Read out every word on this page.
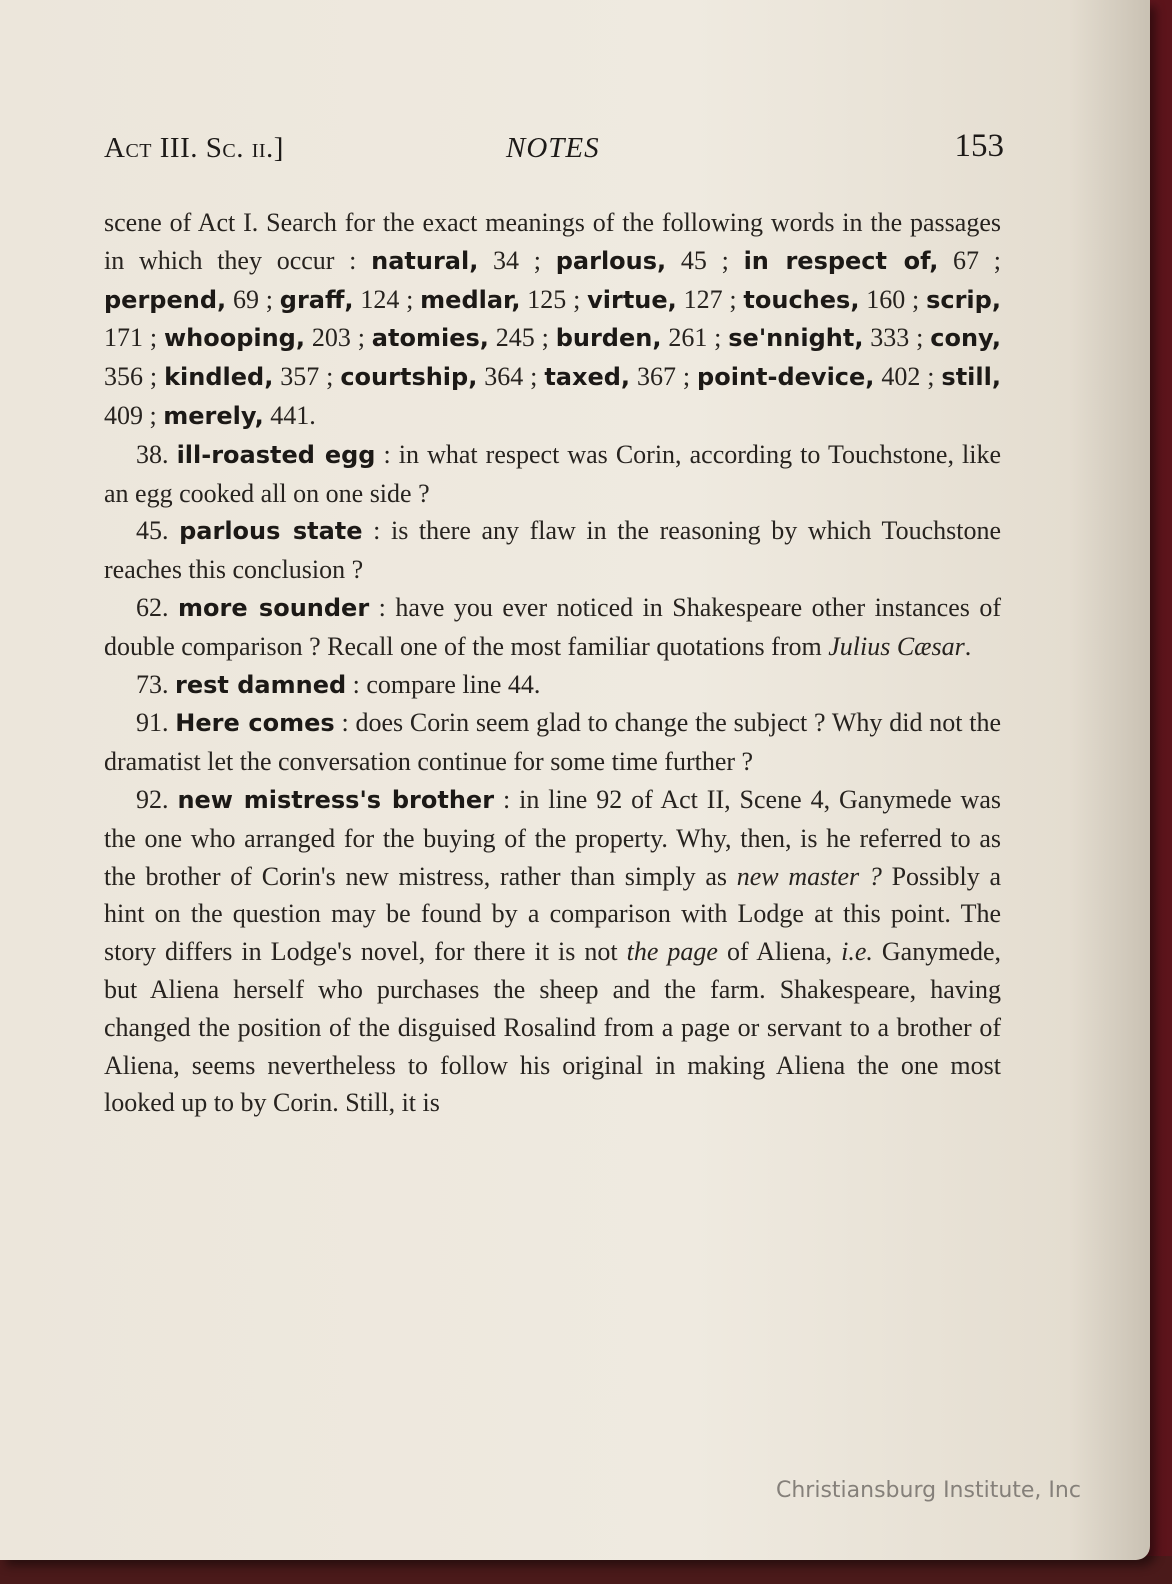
Act III. Sc. ii.]	NOTES	153

scene of Act I. Search for the exact meanings of the following words in the passages in which they occur : natural, 34 ; parlous, 45 ; in respect of, 67 ; perpend, 69 ; graff, 124 ; medlar, 125 ; virtue, 127 ; touches, 160 ; scrip, 171 ; whooping, 203 ; atomies, 245 ; burden, 261 ; se'nnight, 333 ; cony, 356 ; kindled, 357 ; courtship, 364 ; taxed, 367 ; point-device, 402 ; still, 409 ; merely, 441.

38. ill-roasted egg : in what respect was Corin, according to Touchstone, like an egg cooked all on one side ?

45. parlous state : is there any flaw in the reasoning by which Touchstone reaches this conclusion ?

62. more sounder : have you ever noticed in Shakespeare other instances of double comparison ? Recall one of the most familiar quotations from Julius Cæsar.

73. rest damned : compare line 44.

91. Here comes : does Corin seem glad to change the subject ? Why did not the dramatist let the conversation continue for some time further ?

92. new mistress's brother : in line 92 of Act II, Scene 4, Ganymede was the one who arranged for the buying of the property. Why, then, is he referred to as the brother of Corin's new mistress, rather than simply as new master ? Possibly a hint on the question may be found by a comparison with Lodge at this point. The story differs in Lodge's novel, for there it is not the page of Aliena, i.e. Ganymede, but Aliena herself who purchases the sheep and the farm. Shakespeare, having changed the position of the disguised Rosalind from a page or servant to a brother of Aliena, seems nevertheless to follow his original in making Aliena the one most looked up to by Corin. Still, it is

Christiansburg Institute, Inc
